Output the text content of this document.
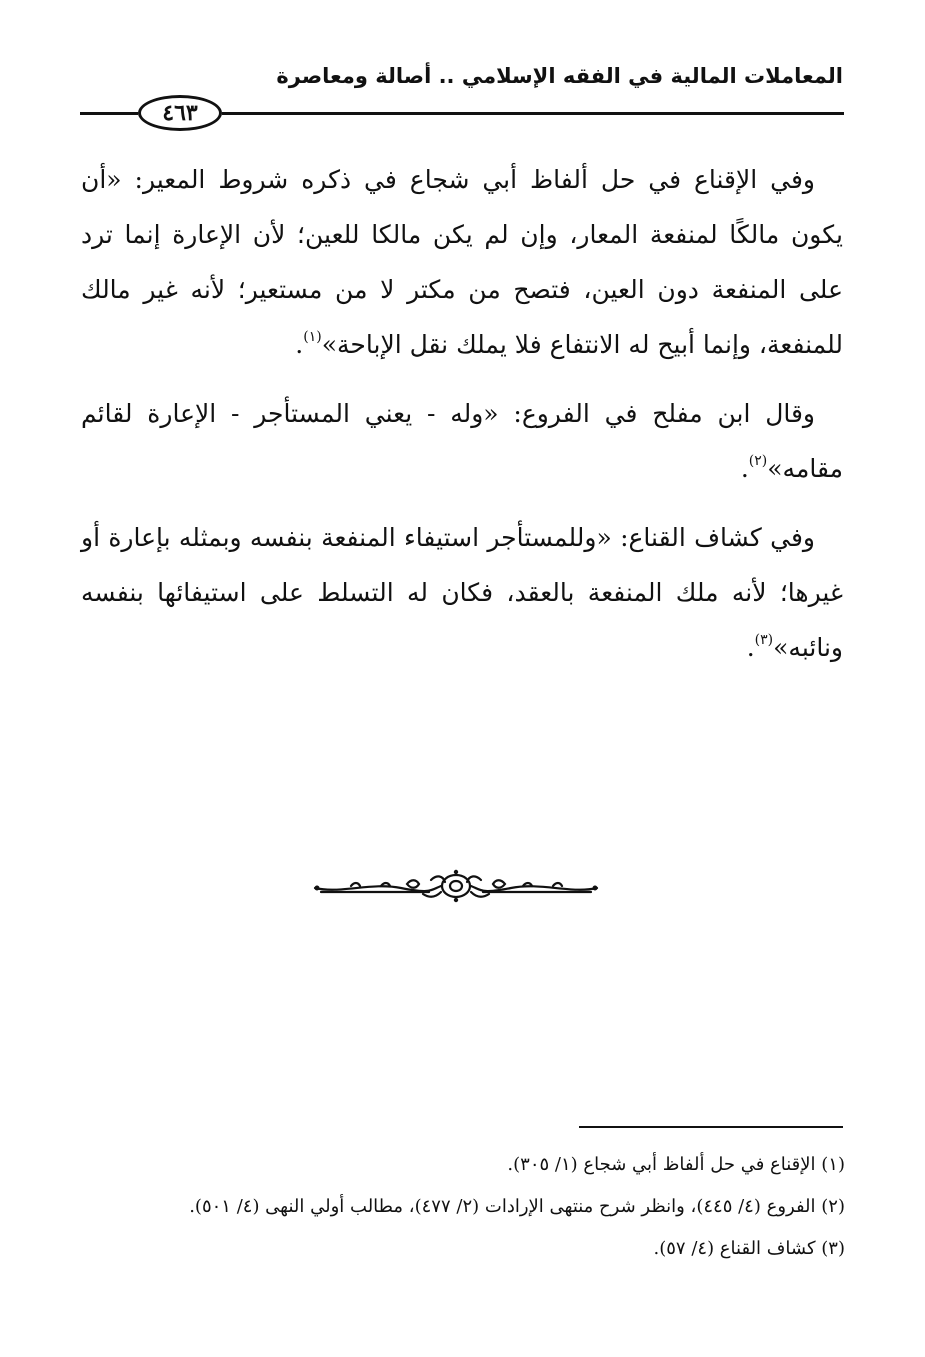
المعاملات المالية في الفقه الإسلامي .. أصالة ومعاصرة
٤٦٣

وفي الإقناع في حل ألفاظ أبي شجاع في ذكره شروط المعير: «أن يكون مالكًا لمنفعة المعار، وإن لم يكن مالكا للعين؛ لأن الإعارة إنما ترد على المنفعة دون العين، فتصح من مكتر لا من مستعير؛ لأنه غير مالك للمنفعة، وإنما أبيح له الانتفاع فلا يملك نقل الإباحة»$^{(١)}$.

وقال ابن مفلح في الفروع: «وله - يعني المستأجر - الإعارة لقائم مقامه»$^{(٢)}$.

وفي كشاف القناع: «وللمستأجر استيفاء المنفعة بنفسه وبمثله بإعارة أو غيرها؛ لأنه ملك المنفعة بالعقد، فكان له التسلط على استيفائها بنفسه ونائبه»$^{(٣)}$.

(١) الإقناع في حل ألفاظ أبي شجاع (١/ ٣٠٥).

(٢) الفروع (٤/ ٤٤٥)، وانظر شرح منتهى الإرادات (٢/ ٤٧٧)، مطالب أولي النهى (٤/ ٥٠١).

(٣) كشاف القناع (٤/ ٥٧).
